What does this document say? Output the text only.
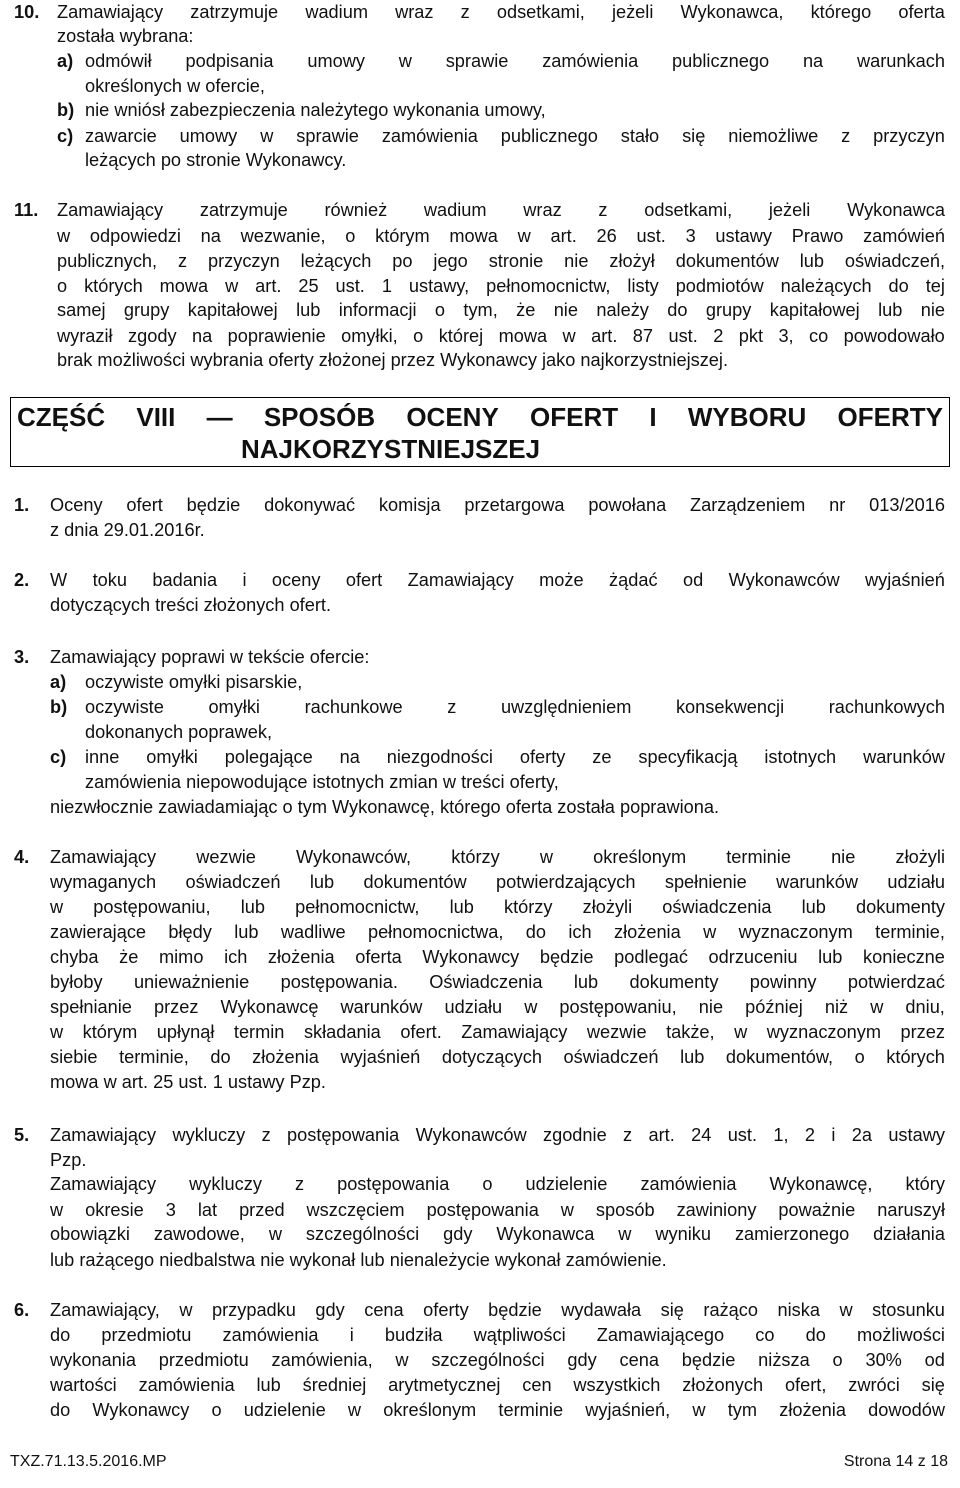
10. Zamawiający zatrzymuje wadium wraz z odsetkami, jeżeli Wykonawca, którego oferta
została wybrana:
a) odmówił podpisania umowy w sprawie zamówienia publicznego na warunkach
określonych w ofercie,
b) nie wniósł zabezpieczenia należytego wykonania umowy,
c) zawarcie umowy w sprawie zamówienia publicznego stało się niemożliwe z przyczyn
leżących po stronie Wykonawcy.
11. Zamawiający zatrzymuje również wadium wraz z odsetkami, jeżeli Wykonawca
w odpowiedzi na wezwanie, o którym mowa w art. 26 ust. 3 ustawy Prawo zamówień
publicznych, z przyczyn leżących po jego stronie nie złożył dokumentów lub oświadczeń,
o których mowa w art. 25 ust. 1 ustawy, pełnomocnictw, listy podmiotów należących do tej
samej grupy kapitałowej lub informacji o tym, że nie należy do grupy kapitałowej lub nie
wyraził zgody na poprawienie omyłki, o której mowa w art. 87 ust. 2 pkt 3, co powodowało
brak możliwości wybrania oferty złożonej przez Wykonawcy jako najkorzystniejszej.
CZĘŚĆ VIII — SPOSÓB OCENY OFERT I WYBORU OFERTY
NAJKORZYSTNIEJSZEJ
1. Oceny ofert będzie dokonywać komisja przetargowa powołana Zarządzeniem nr 013/2016
z dnia 29.01.2016r.
2. W toku badania i oceny ofert Zamawiający może żądać od Wykonawców wyjaśnień
dotyczących treści złożonych ofert.
3. Zamawiający poprawi w tekście ofercie:
a) oczywiste omyłki pisarskie,
b) oczywiste omyłki rachunkowe z uwzględnieniem konsekwencji rachunkowych
dokonanych poprawek,
c) inne omyłki polegające na niezgodności oferty ze specyfikacją istotnych warunków
zamówienia niepowodujące istotnych zmian w treści oferty,
niezwłocznie zawiadamiając o tym Wykonawcę, którego oferta została poprawiona.
4. Zamawiający wezwie Wykonawców, którzy w określonym terminie nie złożyli
wymaganych oświadczeń lub dokumentów potwierdzających spełnienie warunków udziału
w postępowaniu, lub pełnomocnictw, lub którzy złożyli oświadczenia lub dokumenty
zawierające błędy lub wadliwe pełnomocnictwa, do ich złożenia w wyznaczonym terminie,
chyba że mimo ich złożenia oferta Wykonawcy będzie podlegać odrzuceniu lub konieczne
byłoby unieważnienie postępowania. Oświadczenia lub dokumenty powinny potwierdzać
spełnianie przez Wykonawcę warunków udziału w postępowaniu, nie później niż w dniu,
w którym upłynął termin składania ofert. Zamawiający wezwie także, w wyznaczonym przez
siebie terminie, do złożenia wyjaśnień dotyczących oświadczeń lub dokumentów, o których
mowa w art. 25 ust. 1 ustawy Pzp.
5. Zamawiający wykluczy z postępowania Wykonawców zgodnie z art. 24 ust. 1, 2 i 2a ustawy
Pzp.
Zamawiający wykluczy z postępowania o udzielenie zamówienia Wykonawcę, który
w okresie 3 lat przed wszczęciem postępowania w sposób zawiniony poważnie naruszył
obowiązki zawodowe, w szczególności gdy Wykonawca w wyniku zamierzonego działania
lub rażącego niedbalstwa nie wykonał lub nienależycie wykonał zamówienie.
6. Zamawiający, w przypadku gdy cena oferty będzie wydawała się rażąco niska w stosunku
do przedmiotu zamówienia i budziła wątpliwości Zamawiającego co do możliwości
wykonania przedmiotu zamówienia, w szczególności gdy cena będzie niższa o 30% od
wartości zamówienia lub średniej arytmetycznej cen wszystkich złożonych ofert, zwróci się
do Wykonawcy o udzielenie w określonym terminie wyjaśnień, w tym złożenia dowodów
TXZ.71.13.5.2016.MP	Strona 14 z 18
